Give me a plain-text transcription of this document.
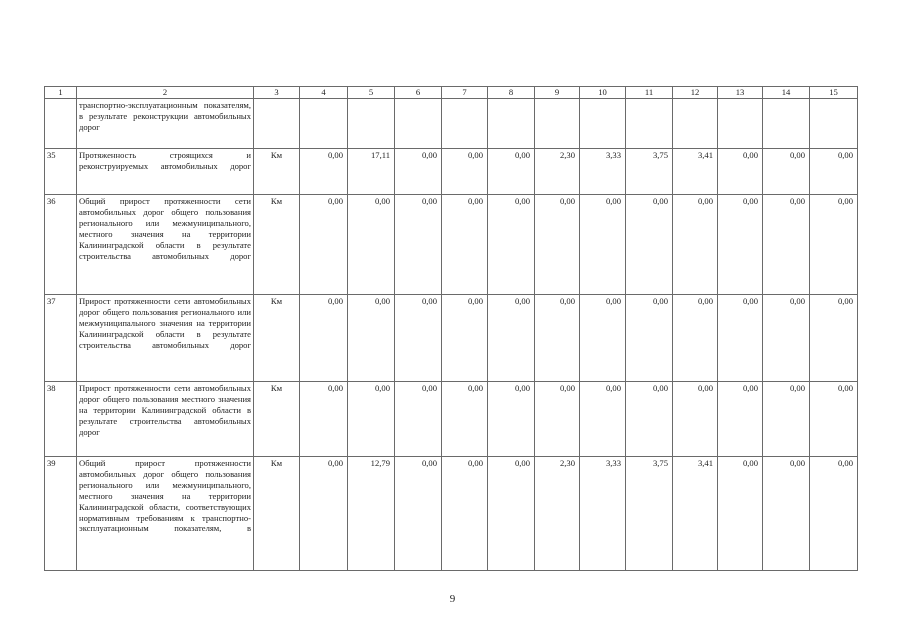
1	2	3	4	5	6	7	8	9	10	11	12	13	14	15

	транспортно-эксплуатационным показателям, в результате реконструкции автомобильных дорог													

35	Протяженность строящихся и реконструируемых автомобильных дорог	Км	0,00	17,11	0,00	0,00	0,00	2,30	3,33	3,75	3,41	0,00	0,00	0,00
36	Общий прирост протяженности сети автомобильных дорог общего пользования регионального или межмуниципального, местного значения на территории Калининградской области в результате строительства автомобильных дорог	Км	0,00	0,00	0,00	0,00	0,00	0,00	0,00	0,00	0,00	0,00	0,00	0,00
37	Прирост протяженности сети автомобильных дорог общего пользования регионального или межмуниципального значения на территории Калининградской области в результате строительства автомобильных дорог	Км	0,00	0,00	0,00	0,00	0,00	0,00	0,00	0,00	0,00	0,00	0,00	0,00
38	Прирост протяженности сети автомобильных дорог общего пользования местного значения на территории Калининградской области в результате строительства автомобильных дорог	Км	0,00	0,00	0,00	0,00	0,00	0,00	0,00	0,00	0,00	0,00	0,00	0,00
39	Общий прирост протяженности автомобильных дорог общего пользования регионального или межмуниципального, местного значения на территории Калининградской области, соответствующих нормативным требованиям к транспортно-эксплуатационным показателям, в	Км	0,00	12,79	0,00	0,00	0,00	2,30	3,33	3,75	3,41	0,00	0,00	0,00
9
